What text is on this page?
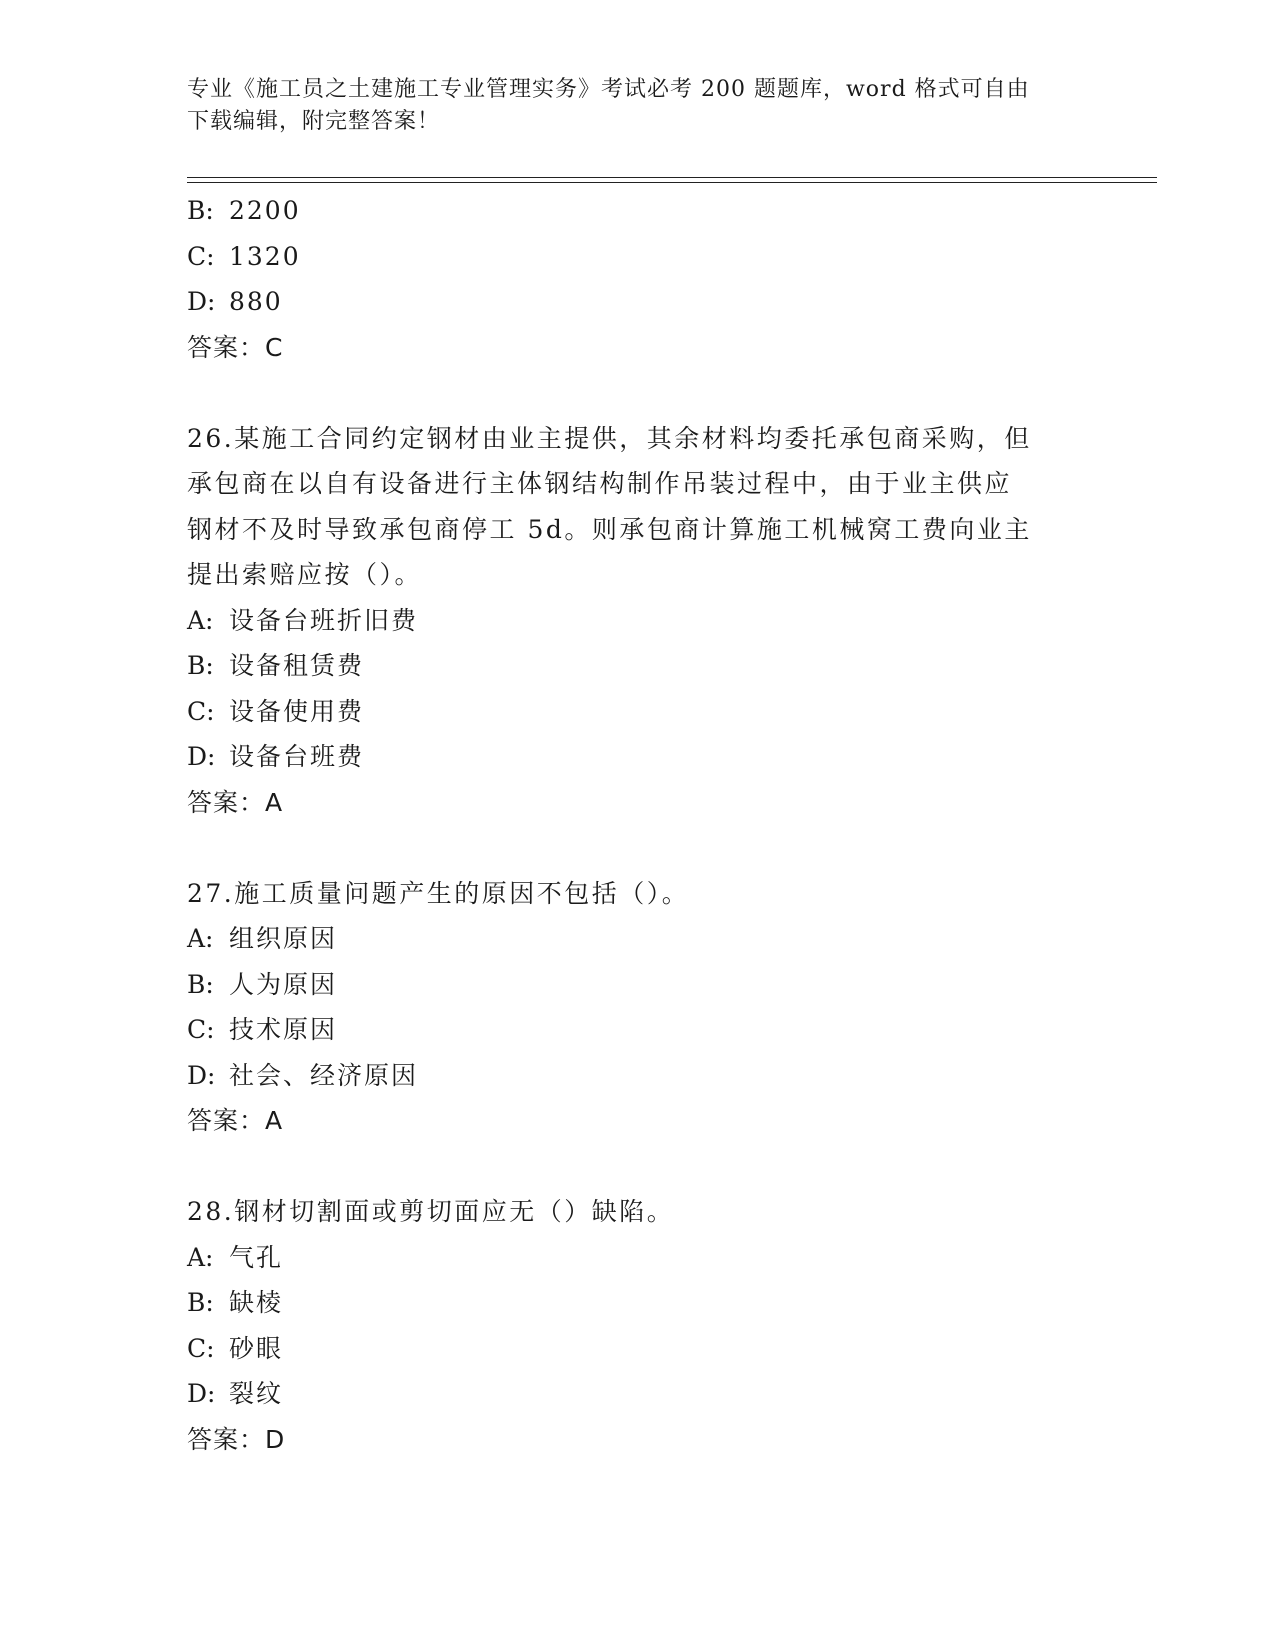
专业《施工员之土建施工专业管理实务》考试必考 200 题题库，word 格式可自由
下载编辑，附完整答案！
B: 2200
C: 1320
D: 880
答案：C
26.某施工合同约定钢材由业主提供，其余材料均委托承包商采购，但
承包商在以自有设备进行主体钢结构制作吊装过程中，由于业主供应
钢材不及时导致承包商停工 5d。则承包商计算施工机械窝工费向业主
提出索赔应按（）。
A: 设备台班折旧费
B: 设备租赁费
C: 设备使用费
D: 设备台班费
答案：A
27.施工质量问题产生的原因不包括（）。
A: 组织原因
B: 人为原因
C: 技术原因
D: 社会、经济原因
答案：A
28.钢材切割面或剪切面应无（）缺陷。
A: 气孔
B: 缺棱
C: 砂眼
D: 裂纹
答案：D
